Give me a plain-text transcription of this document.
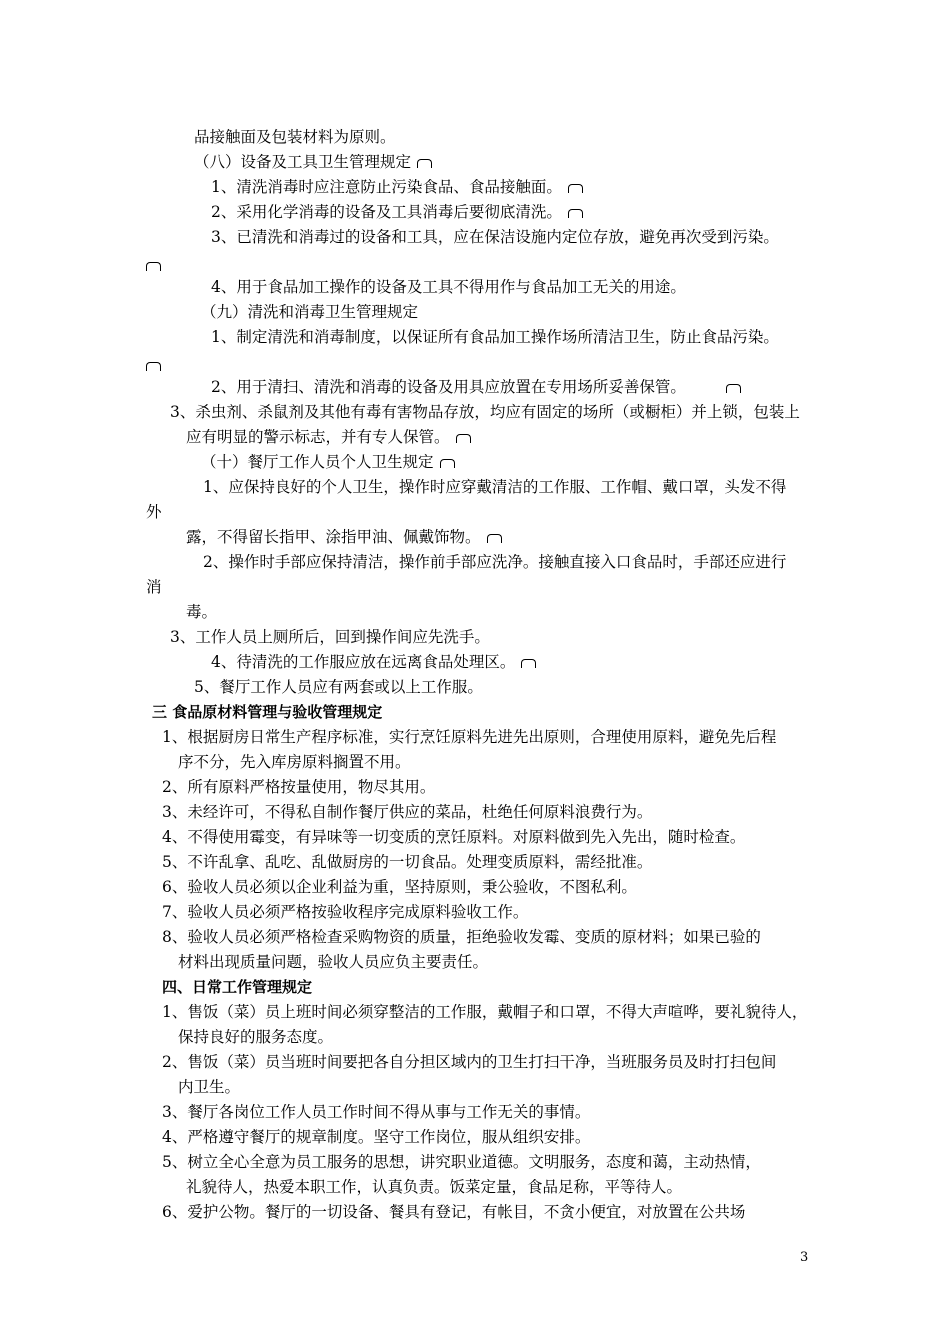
品接触面及包装材料为原则。
（八）设备及工具卫生管理规定
1、清洗消毒时应注意防止污染食品、食品接触面。
2、采用化学消毒的设备及工具消毒后要彻底清洗。
3、已清洗和消毒过的设备和工具，应在保洁设施内定位存放，避免再次受到污染。
4、用于食品加工操作的设备及工具不得用作与食品加工无关的用途。
（九）清洗和消毒卫生管理规定
1、制定清洗和消毒制度，以保证所有食品加工操作场所清洁卫生，防止食品污染。
2、用于清扫、清洗和消毒的设备及用具应放置在专用场所妥善保管。
3、杀虫剂、杀鼠剂及其他有毒有害物品存放，均应有固定的场所（或橱柜）并上锁，包装上
应有明显的警示标志，并有专人保管。
（十）餐厅工作人员个人卫生规定
1、应保持良好的个人卫生，操作时应穿戴清洁的工作服、工作帽、戴口罩，头发不得
外
露，不得留长指甲、涂指甲油、佩戴饰物。
2、操作时手部应保持清洁，操作前手部应洗净。接触直接入口食品时，手部还应进行
消
毒。
3、工作人员上厕所后，回到操作间应先洗手。
4、待清洗的工作服应放在远离食品处理区。
5、餐厅工作人员应有两套或以上工作服。
三 食品原材料管理与验收管理规定
1、根据厨房日常生产程序标准，实行烹饪原料先进先出原则，合理使用原料，避免先后程
序不分，先入库房原料搁置不用。
2、所有原料严格按量使用，物尽其用。
3、未经许可，不得私自制作餐厅供应的菜品，杜绝任何原料浪费行为。
4、不得使用霉变，有异味等一切变质的烹饪原料。对原料做到先入先出，随时检查。
5、不许乱拿、乱吃、乱做厨房的一切食品。处理变质原料，需经批准。
6、验收人员必须以企业利益为重，坚持原则，秉公验收，不图私利。
7、验收人员必须严格按验收程序完成原料验收工作。
8、验收人员必须严格检查采购物资的质量，拒绝验收发霉、变质的原材料；如果已验的
材料出现质量问题，验收人员应负主要责任。
四、日常工作管理规定
1、售饭（菜）员上班时间必须穿整洁的工作服，戴帽子和口罩，不得大声喧哗，要礼貌待人，
保持良好的服务态度。
2、售饭（菜）员当班时间要把各自分担区域内的卫生打扫干净，当班服务员及时打扫包间
内卫生。
3、餐厅各岗位工作人员工作时间不得从事与工作无关的事情。
4、严格遵守餐厅的规章制度。坚守工作岗位，服从组织安排。
5、树立全心全意为员工服务的思想，讲究职业道德。文明服务，态度和蔼，主动热情，
礼貌待人，热爱本职工作，认真负责。饭菜定量，食品足称，平等待人。
6、爱护公物。餐厅的一切设备、餐具有登记，有帐目，不贪小便宜，对放置在公共场
3
